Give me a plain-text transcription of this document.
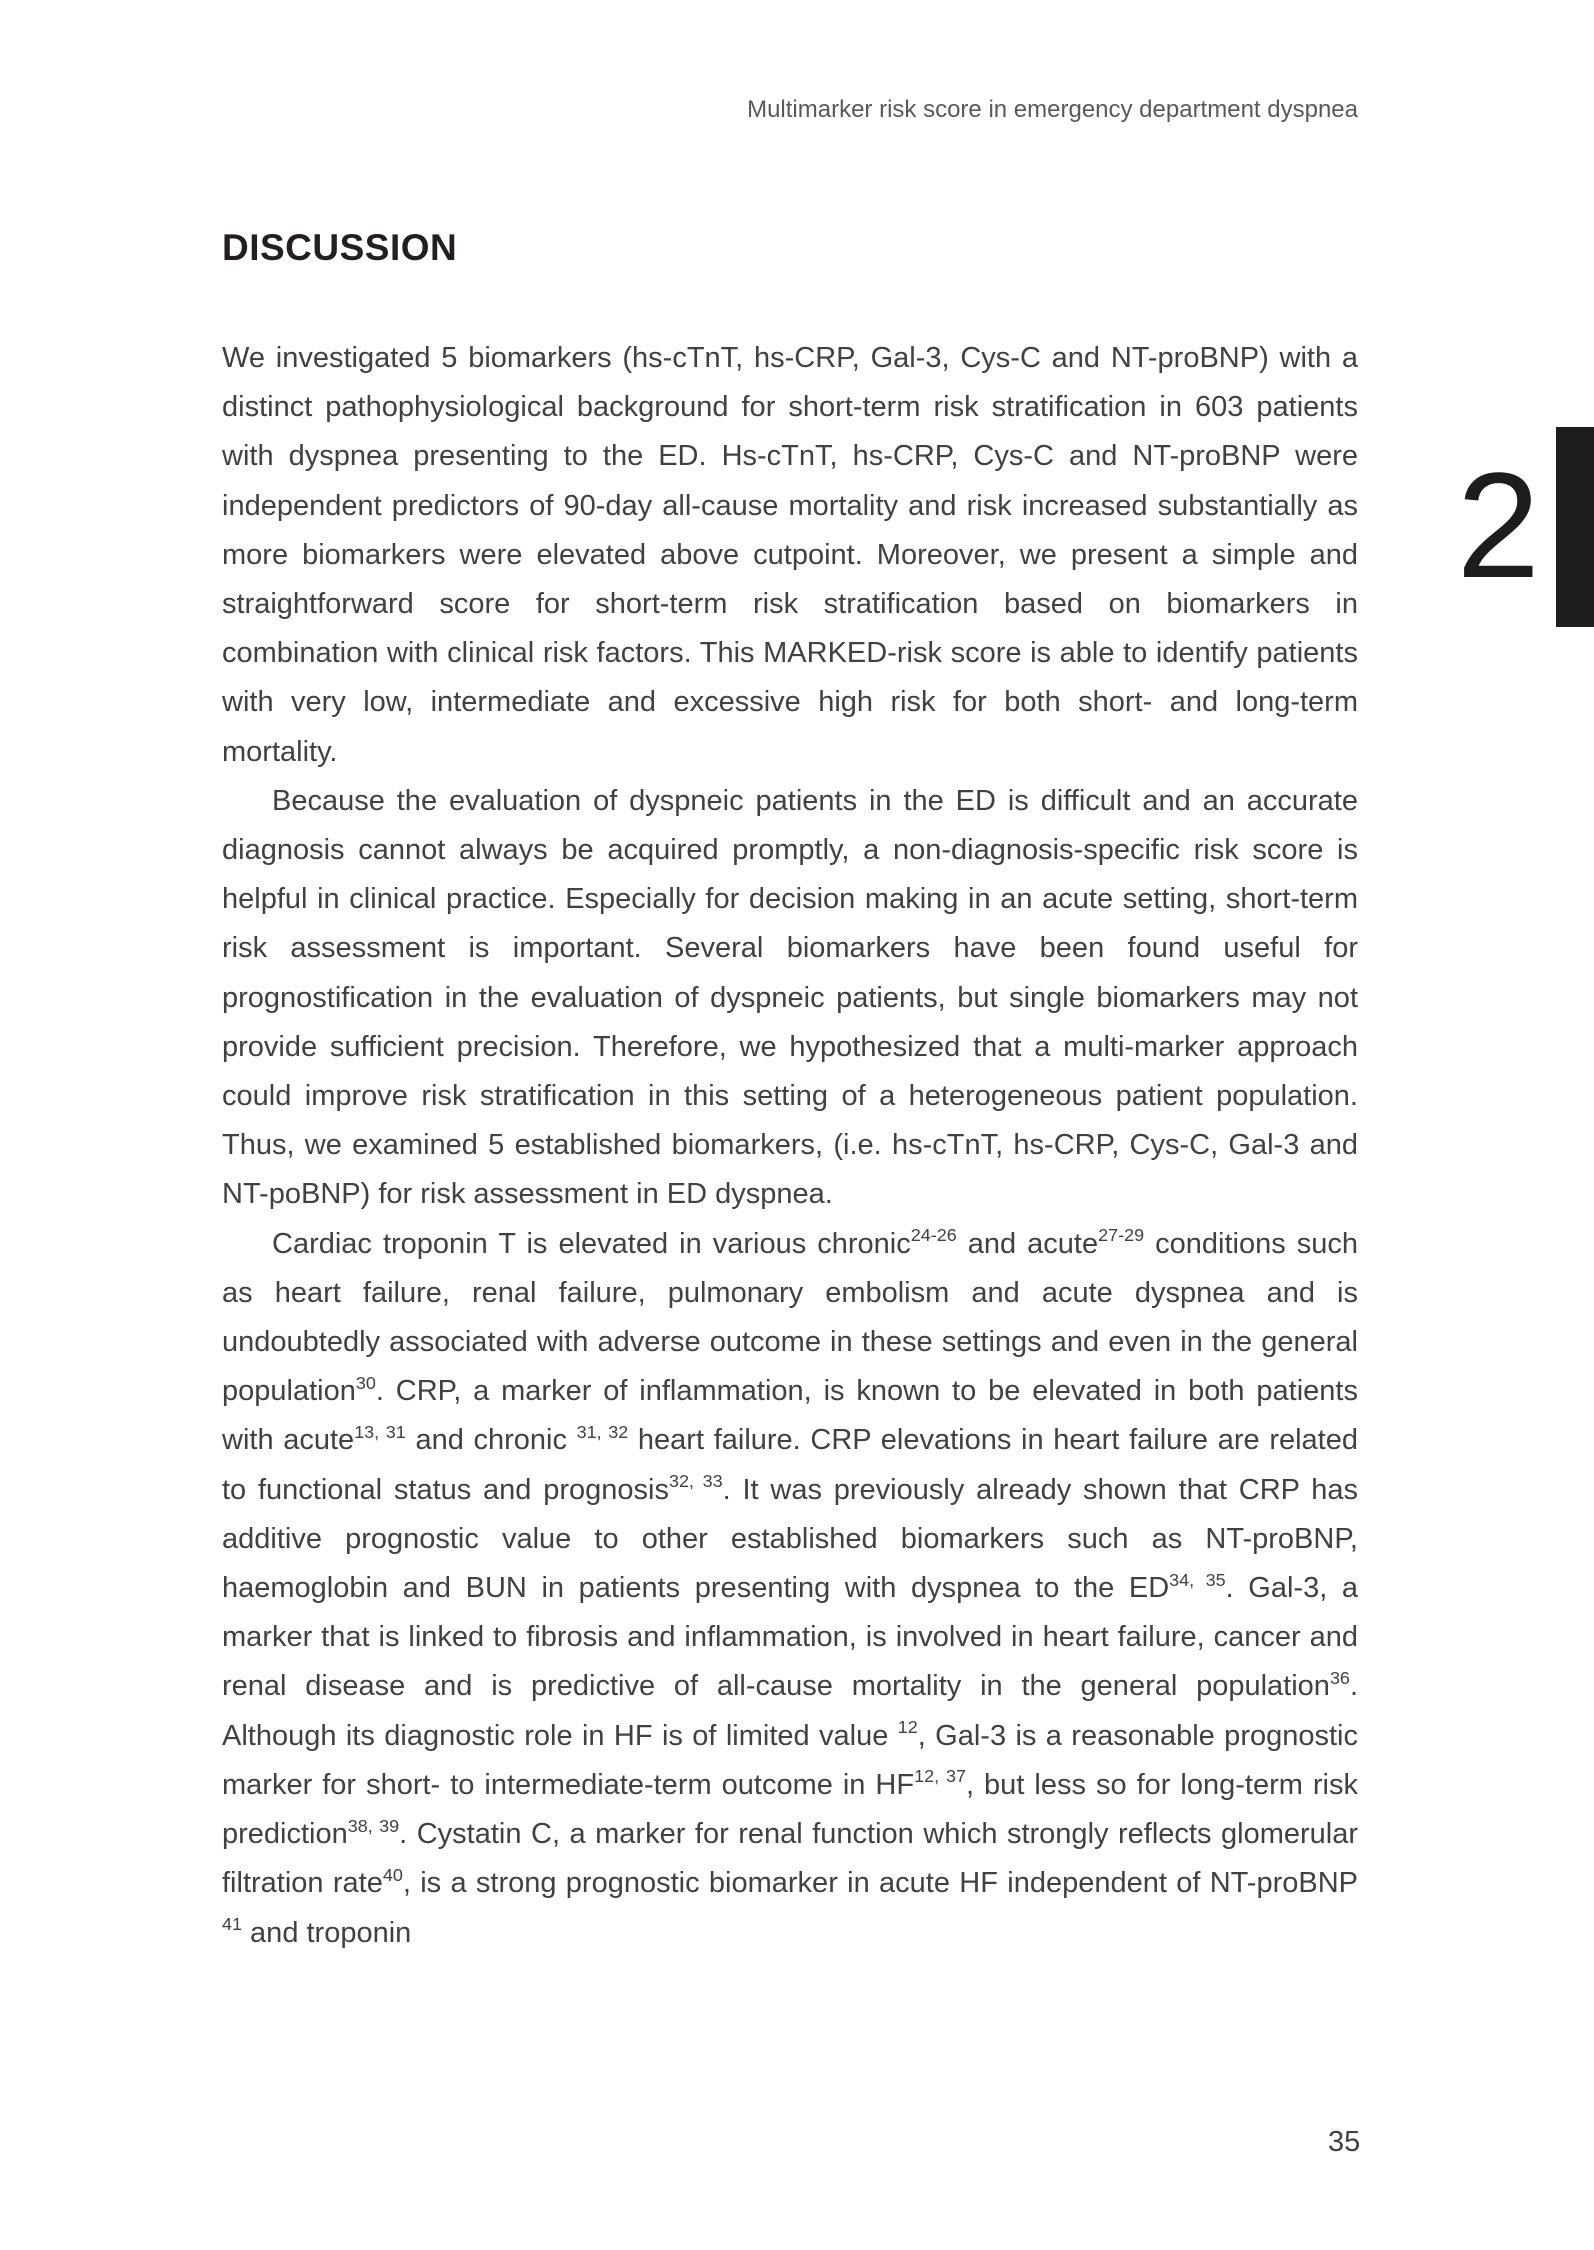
Multimarker risk score in emergency department dyspnea
2
DISCUSSION

We investigated 5 biomarkers (hs-cTnT, hs-CRP, Gal-3, Cys-C and NT-proBNP) with a distinct pathophysiological background for short-term risk stratification in 603 patients with dyspnea presenting to the ED. Hs-cTnT, hs-CRP, Cys-C and NT-proBNP were independent predictors of 90-day all-cause mortality and risk increased substantially as more biomarkers were elevated above cutpoint. Moreover, we present a simple and straightforward score for short-term risk stratification based on biomarkers in combination with clinical risk factors. This MARKED-risk score is able to identify patients with very low, intermediate and excessive high risk for both short- and long-term mortality.

Because the evaluation of dyspneic patients in the ED is difficult and an accurate diagnosis cannot always be acquired promptly, a non-diagnosis-specific risk score is helpful in clinical practice. Especially for decision making in an acute setting, short-term risk assessment is important. Several biomarkers have been found useful for prognostification in the evaluation of dyspneic patients, but single biomarkers may not provide sufficient precision. Therefore, we hypothesized that a multi-marker approach could improve risk stratification in this setting of a heterogeneous patient population. Thus, we examined 5 established biomarkers, (i.e. hs-cTnT, hs-CRP, Cys-C, Gal-3 and NT-poBNP) for risk assessment in ED dyspnea.

Cardiac troponin T is elevated in various chronic$^{24-26}$ and acute$^{27-29}$ conditions such as heart failure, renal failure, pulmonary embolism and acute dyspnea and is undoubtedly associated with adverse outcome in these settings and even in the general population$^{30}$. CRP, a marker of inflammation, is known to be elevated in both patients with acute$^{13, 31}$ and chronic $^{31, 32}$ heart failure. CRP elevations in heart failure are related to functional status and prognosis$^{32, 33}$. It was previously already shown that CRP has additive prognostic value to other established biomarkers such as NT-proBNP, haemoglobin and BUN in patients presenting with dyspnea to the ED$^{34, 35}$. Gal-3, a marker that is linked to fibrosis and inflammation, is involved in heart failure, cancer and renal disease and is predictive of all-cause mortality in the general population$^{36}$. Although its diagnostic role in HF is of limited value $^{12}$, Gal-3 is a reasonable prognostic marker for short- to intermediate-term outcome in HF$^{12, 37}$, but less so for long-term risk prediction$^{38, 39}$. Cystatin C, a marker for renal function which strongly reflects glomerular filtration rate$^{40}$, is a strong prognostic biomarker in acute HF independent of NT-proBNP $^{41}$ and troponin

35
